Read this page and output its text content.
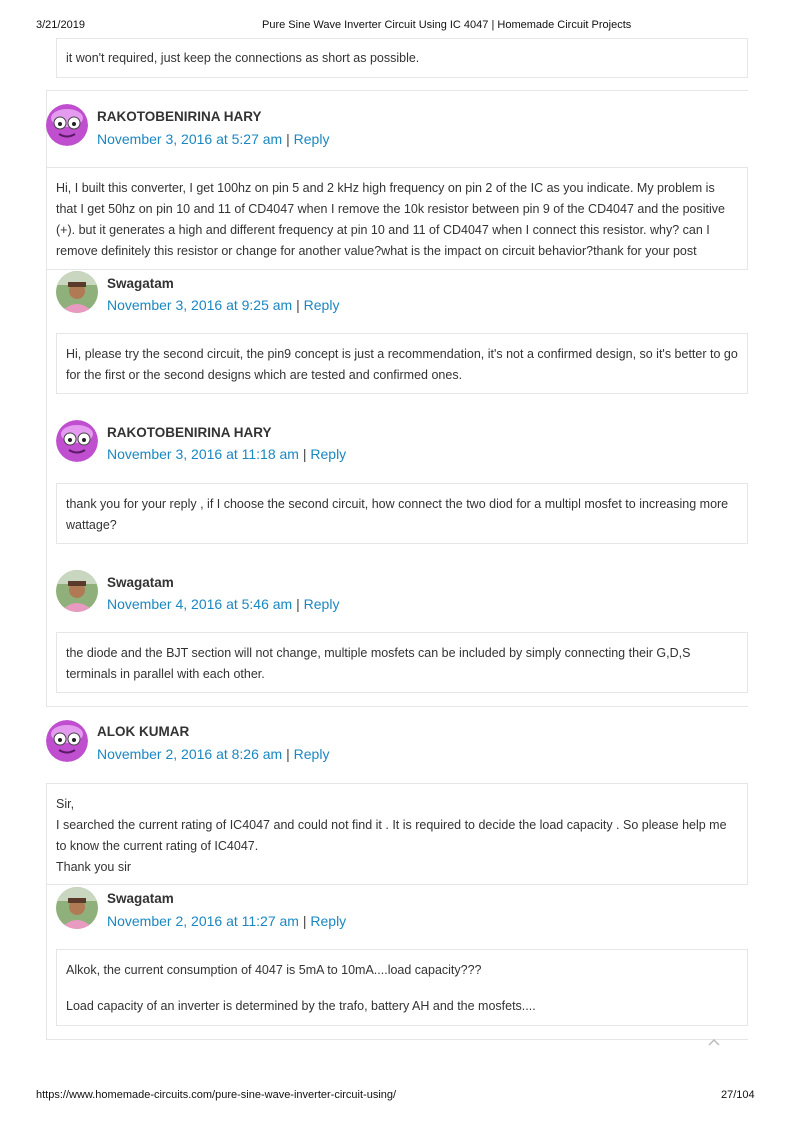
3/21/2019	Pure Sine Wave Inverter Circuit Using IC 4047 | Homemade Circuit Projects
https://www.homemade-circuits.com/pure-sine-wave-inverter-circuit-using/	27/104

it won't required, just keep the connections as short as possible.

RAKOTOBENIRINA HARY
November 3, 2016 at 5:27 am | Reply

Hi, I built this converter, I get 100hz on pin 5 and 2 kHz high frequency on pin 2 of the IC as you indicate. My problem is that I get 50hz on pin 10 and 11 of CD4047 when I remove the 10k resistor between pin 9 of the CD4047 and the positive (+). but it generates a high and different frequency at pin 10 and 11 of CD4047 when I connect this resistor. why? can I remove definitely this resistor or change for another value?what is the impact on circuit behavior?thank for your post

Swagatam
November 3, 2016 at 9:25 am | Reply

Hi, please try the second circuit, the pin9 concept is just a recommendation, it's not a confirmed design, so it's better to go for the first or the second designs which are tested and confirmed ones.

RAKOTOBENIRINA HARY
November 3, 2016 at 11:18 am | Reply

thank you for your reply , if I choose the second circuit, how connect the two diod for a multipl mosfet to increasing more wattage?

Swagatam
November 4, 2016 at 5:46 am | Reply

the diode and the BJT section will not change, multiple mosfets can be included by simply connecting their G,D,S terminals in parallel with each other.

ALOK KUMAR
November 2, 2016 at 8:26 am | Reply

Sir,

I searched the current rating of IC4047 and could not find it . It is required to decide the load capacity . So please help me to know the current rating of IC4047.

Thank you sir

Swagatam
November 2, 2016 at 11:27 am | Reply

Alkok, the current consumption of 4047 is 5mA to 10mA....load capacity???

Load capacity of an inverter is determined by the trafo, battery AH and the mosfets....
